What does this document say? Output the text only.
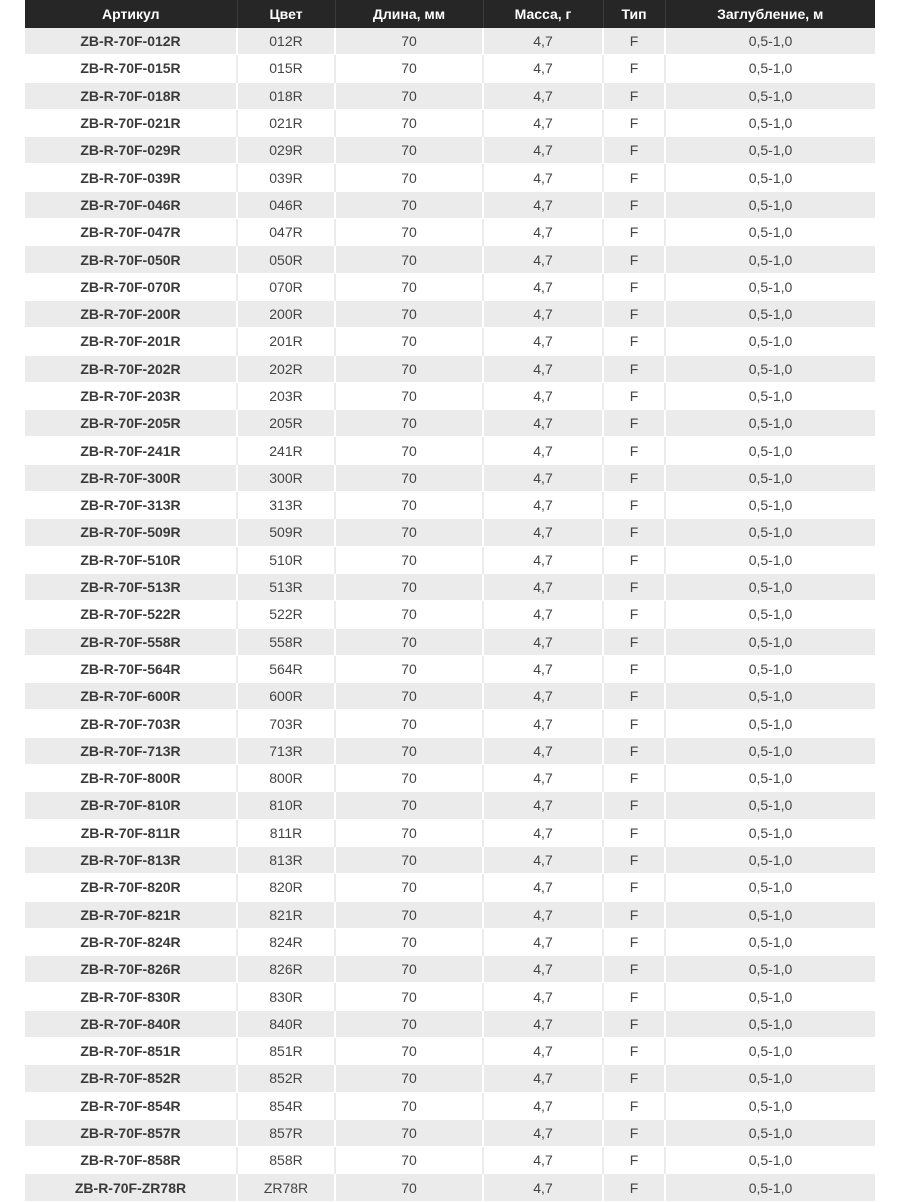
Артикул	Цвет	Длина, мм	Масса, г	Тип	Заглубление, м
ZB-R-70F-012R	012R	70	4,7	F	0,5-1,0
ZB-R-70F-015R	015R	70	4,7	F	0,5-1,0
ZB-R-70F-018R	018R	70	4,7	F	0,5-1,0
ZB-R-70F-021R	021R	70	4,7	F	0,5-1,0
ZB-R-70F-029R	029R	70	4,7	F	0,5-1,0
ZB-R-70F-039R	039R	70	4,7	F	0,5-1,0
ZB-R-70F-046R	046R	70	4,7	F	0,5-1,0
ZB-R-70F-047R	047R	70	4,7	F	0,5-1,0
ZB-R-70F-050R	050R	70	4,7	F	0,5-1,0
ZB-R-70F-070R	070R	70	4,7	F	0,5-1,0
ZB-R-70F-200R	200R	70	4,7	F	0,5-1,0
ZB-R-70F-201R	201R	70	4,7	F	0,5-1,0
ZB-R-70F-202R	202R	70	4,7	F	0,5-1,0
ZB-R-70F-203R	203R	70	4,7	F	0,5-1,0
ZB-R-70F-205R	205R	70	4,7	F	0,5-1,0
ZB-R-70F-241R	241R	70	4,7	F	0,5-1,0
ZB-R-70F-300R	300R	70	4,7	F	0,5-1,0
ZB-R-70F-313R	313R	70	4,7	F	0,5-1,0
ZB-R-70F-509R	509R	70	4,7	F	0,5-1,0
ZB-R-70F-510R	510R	70	4,7	F	0,5-1,0
ZB-R-70F-513R	513R	70	4,7	F	0,5-1,0
ZB-R-70F-522R	522R	70	4,7	F	0,5-1,0
ZB-R-70F-558R	558R	70	4,7	F	0,5-1,0
ZB-R-70F-564R	564R	70	4,7	F	0,5-1,0
ZB-R-70F-600R	600R	70	4,7	F	0,5-1,0
ZB-R-70F-703R	703R	70	4,7	F	0,5-1,0
ZB-R-70F-713R	713R	70	4,7	F	0,5-1,0
ZB-R-70F-800R	800R	70	4,7	F	0,5-1,0
ZB-R-70F-810R	810R	70	4,7	F	0,5-1,0
ZB-R-70F-811R	811R	70	4,7	F	0,5-1,0
ZB-R-70F-813R	813R	70	4,7	F	0,5-1,0
ZB-R-70F-820R	820R	70	4,7	F	0,5-1,0
ZB-R-70F-821R	821R	70	4,7	F	0,5-1,0
ZB-R-70F-824R	824R	70	4,7	F	0,5-1,0
ZB-R-70F-826R	826R	70	4,7	F	0,5-1,0
ZB-R-70F-830R	830R	70	4,7	F	0,5-1,0
ZB-R-70F-840R	840R	70	4,7	F	0,5-1,0
ZB-R-70F-851R	851R	70	4,7	F	0,5-1,0
ZB-R-70F-852R	852R	70	4,7	F	0,5-1,0
ZB-R-70F-854R	854R	70	4,7	F	0,5-1,0
ZB-R-70F-857R	857R	70	4,7	F	0,5-1,0
ZB-R-70F-858R	858R	70	4,7	F	0,5-1,0
ZB-R-70F-ZR78R	ZR78R	70	4,7	F	0,5-1,0
